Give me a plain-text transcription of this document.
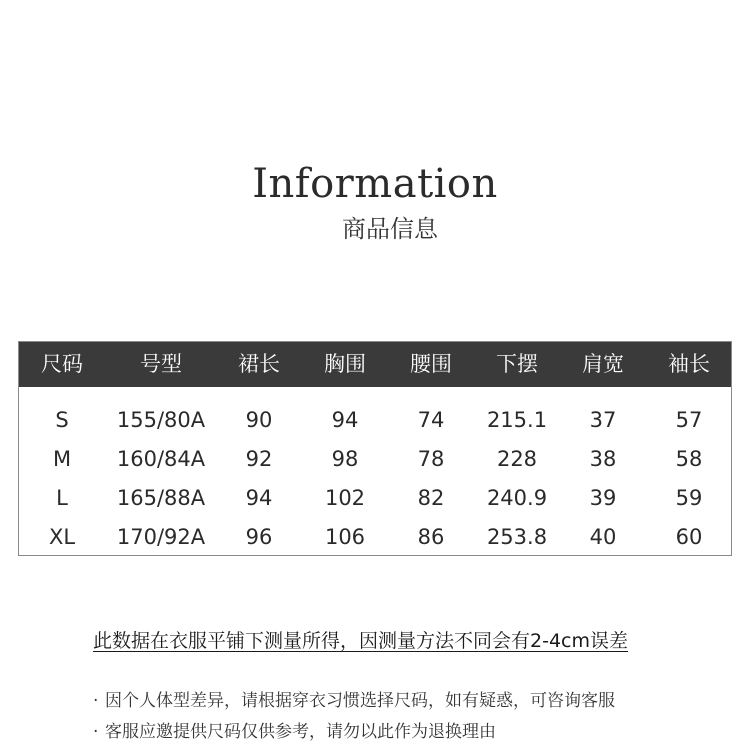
Information
商品信息
尺码	号型	裙长 胸围 腰围 下摆 肩宽 袖长
S 155/80A 90	94	74 215.1 37	57
M 160/84A 92	98	78	228	38	58
L 165/88A 94	102	82 240.9 39	59
XL 170/92A 96	106	86 253.8 40	60
此数据在衣服平铺下测量所得，因测量方法不同会有2-4cm误差
· 因个人体型差异，请根据穿衣习惯选择尺码，如有疑惑，可咨询客服
· 客服应邀提供尺码仅供参考，请勿以此作为退换理由
